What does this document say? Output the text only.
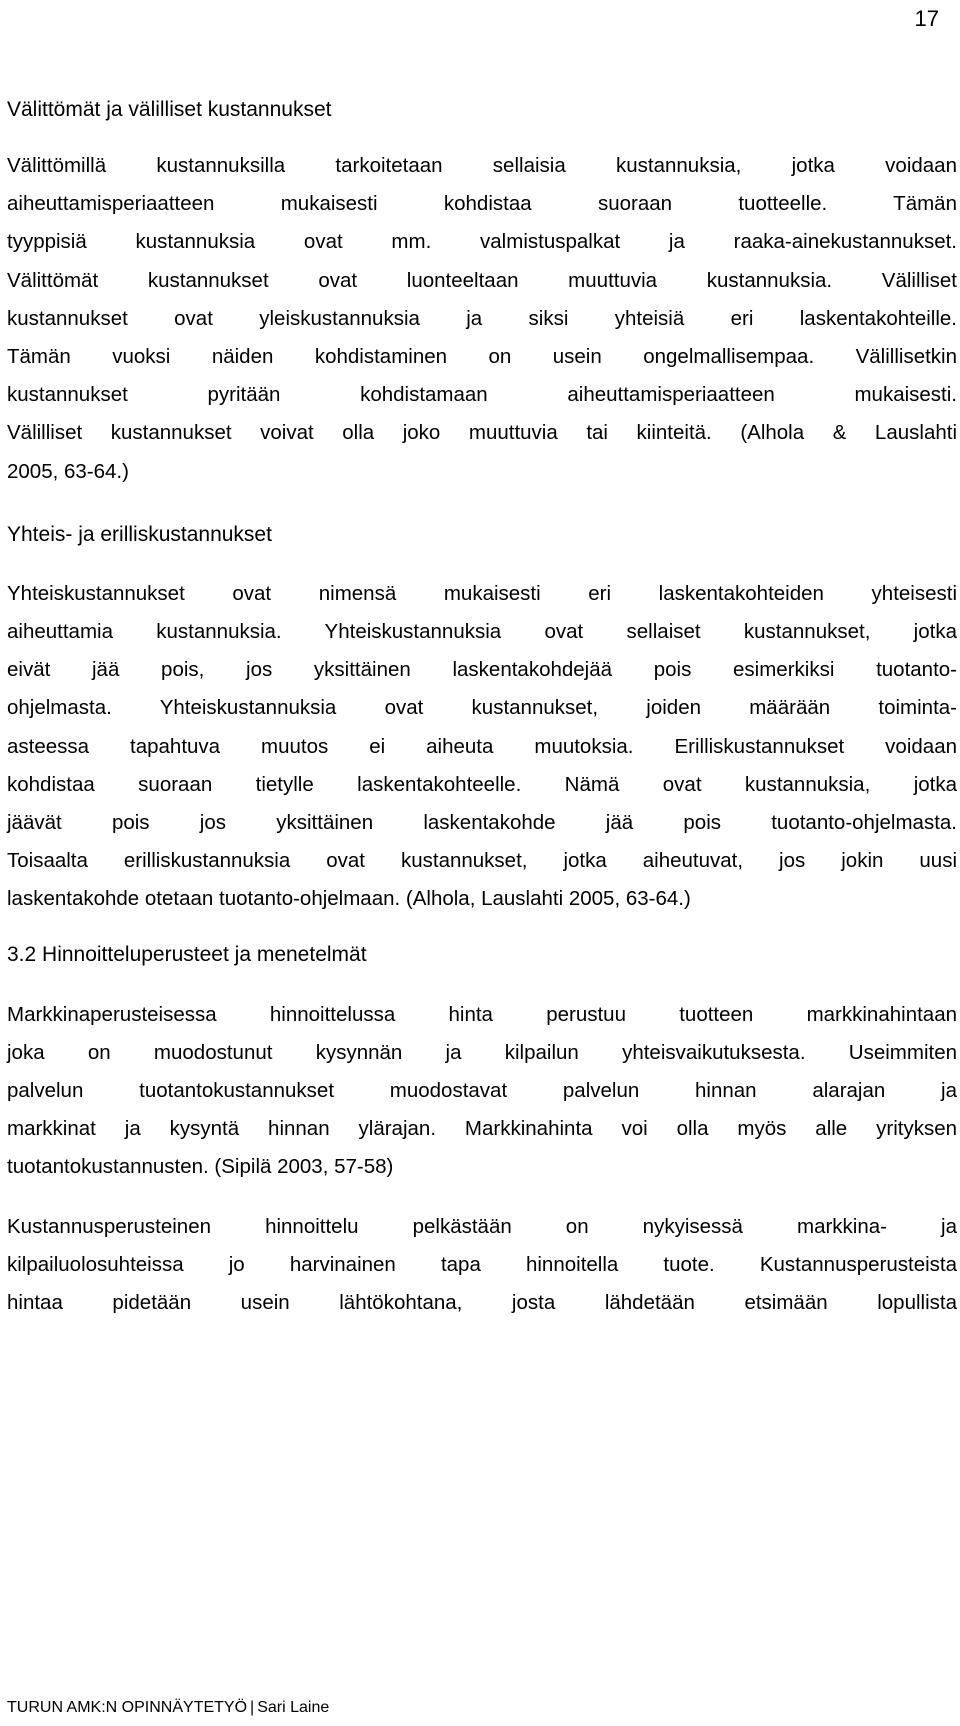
17
Välittömät ja välilliset kustannukset

Välittömillä kustannuksilla tarkoitetaan sellaisia kustannuksia, jotka voidaan
aiheuttamisperiaatteen mukaisesti kohdistaa suoraan tuotteelle. Tämän
tyyppisiä kustannuksia ovat mm. valmistuspalkat ja raaka-ainekustannukset.
Välittömät kustannukset ovat luonteeltaan muuttuvia kustannuksia. Välilliset
kustannukset ovat yleiskustannuksia ja siksi yhteisiä eri laskentakohteille.
Tämän vuoksi näiden kohdistaminen on usein ongelmallisempaa. Välillisetkin
kustannukset pyritään kohdistamaan aiheuttamisperiaatteen mukaisesti.
Välilliset kustannukset voivat olla joko muuttuvia tai kiinteitä. (Alhola & Lauslahti
2005, 63-64.)

Yhteis- ja erilliskustannukset

Yhteiskustannukset ovat nimensä mukaisesti eri laskentakohteiden yhteisesti
aiheuttamia kustannuksia. Yhteiskustannuksia ovat sellaiset kustannukset, jotka
eivät jää pois, jos yksittäinen laskentakohdejää pois esimerkiksi tuotanto-
ohjelmasta. Yhteiskustannuksia ovat kustannukset, joiden määrään toiminta-
asteessa tapahtuva muutos ei aiheuta muutoksia. Erilliskustannukset voidaan
kohdistaa suoraan tietylle laskentakohteelle. Nämä ovat kustannuksia, jotka
jäävät pois jos yksittäinen laskentakohde jää pois tuotanto-ohjelmasta.
Toisaalta erilliskustannuksia ovat kustannukset, jotka aiheutuvat, jos jokin uusi
laskentakohde otetaan tuotanto-ohjelmaan. (Alhola, Lauslahti 2005, 63-64.)

3.2 Hinnoitteluperusteet ja menetelmät

Markkinaperusteisessa hinnoittelussa hinta perustuu tuotteen markkinahintaan
joka on muodostunut kysynnän ja kilpailun yhteisvaikutuksesta. Useimmiten
palvelun tuotantokustannukset muodostavat palvelun hinnan alarajan ja
markkinat ja kysyntä hinnan ylärajan. Markkinahinta voi olla myös alle yrityksen
tuotantokustannusten. (Sipilä 2003, 57-58)

Kustannusperusteinen hinnoittelu pelkästään on nykyisessä markkina- ja
kilpailuolosuhteissa jo harvinainen tapa hinnoitella tuote. Kustannusperusteista
hintaa pidetään usein lähtökohtana, josta lähdetään etsimään lopullista

TURUN AMK:N OPINNÄYTETYÖ | Sari Laine
